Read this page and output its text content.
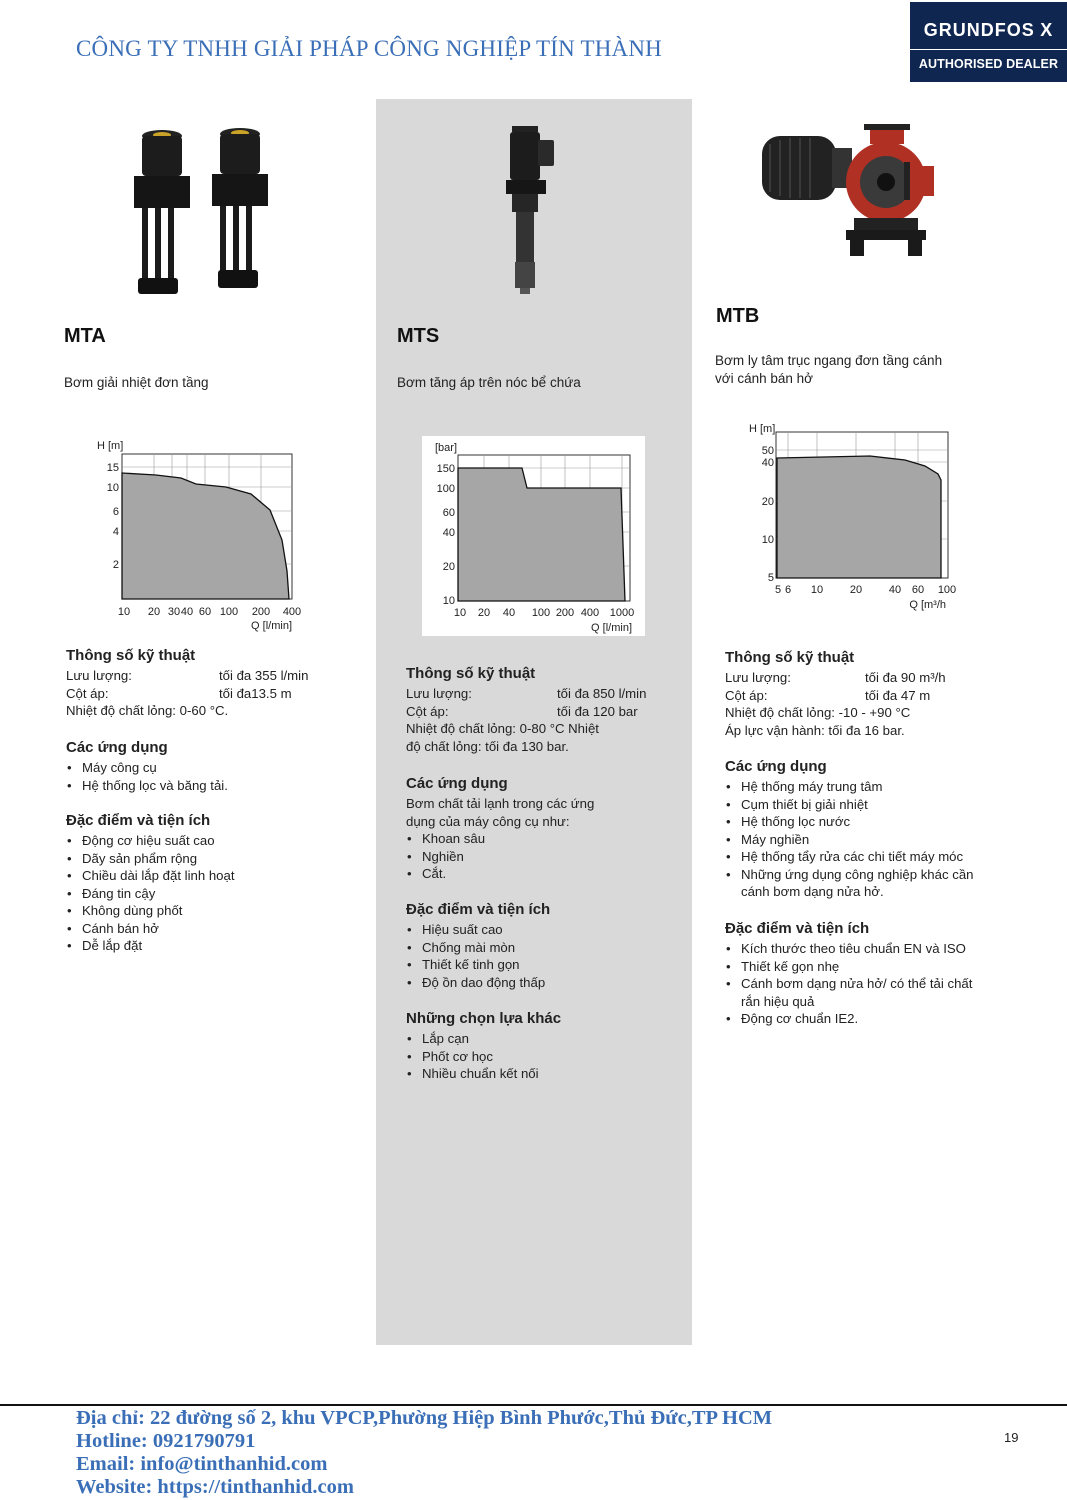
CÔNG TY TNHH GIẢI PHÁP CÔNG NGHIỆP TÍN THÀNH
GRUNDFOS X
AUTHORISED DEALER
MTA
Bơm giải nhiệt đơn tầng
H [m]
15
10
6
4
2
10 20 30 40 60 100 200 400
Q [l/min]
Thông số kỹ thuật
Lưu lượng:	tối đa 355 l/min
Cột áp:	tối đa13.5 m
Nhiệt độ chất lỏng: 0-60 °C.
Các ứng dụng
• Máy công cụ
• Hệ thống lọc và băng tải.
Đặc điểm và tiện ích
• Động cơ hiệu suất cao
• Dãy sản phẩm rộng
• Chiều dài lắp đặt linh hoạt
• Đáng tin cậy
• Không dùng phốt
• Cánh bán hở
• Dễ lắp đặt
MTS
Bơm tăng áp trên nóc bể chứa
[bar]
150
100
60
40
20
10
10 20 40 100 200 400 1000
Q [l/min]
Thông số kỹ thuật
Lưu lượng:	tối đa 850 l/min
Cột áp:	tối đa 120 bar
Nhiệt độ chất lỏng: 0-80 °C Nhiệt
độ chất lỏng: tối đa 130 bar.
Các ứng dụng
Bơm chất tải lạnh trong các ứng
dụng của máy công cụ như:
• Khoan sâu
• Nghiền
• Cắt.
Đặc điểm và tiện ích
• Hiệu suất cao
• Chống mài mòn
• Thiết kế tinh gọn
• Độ ồn dao động thấp
Những chọn lựa khác
• Lắp cạn
• Phốt cơ học
• Nhiều chuẩn kết nối
MTB
Bơm ly tâm trục ngang đơn tầng cánh
với cánh bán hở
H [m]
50
40
20
10
5
5 6 10 20 40 60 100
Q [m³/h
Thông số kỹ thuật
Lưu lượng:	tối đa 90 m³/h
Cột áp:	tối đa 47 m
Nhiệt độ chất lỏng: -10 - +90 °C
Áp lực vận hành: tối đa 16 bar.
Các ứng dụng
• Hệ thống máy trung tâm
• Cụm thiết bị giải nhiệt
• Hệ thống lọc nước
• Máy nghiền
• Hệ thống tẩy rửa các chi tiết máy móc
• Những ứng dụng công nghiệp khác cần cánh bơm dạng nửa hở.
Đặc điểm và tiện ích
• Kích thước theo tiêu chuẩn EN và ISO
• Thiết kế gọn nhẹ
• Cánh bơm dạng nửa hở/ có thể tải chất rắn hiệu quả
• Động cơ chuẩn IE2.
Địa chỉ: 22 đường số 2, khu VPCP,Phường Hiệp Bình Phước,Thủ Đức,TP HCM
Hotline: 0921790791
Email: info@tinthanhid.com
Website: https://tinthanhid.com
19
